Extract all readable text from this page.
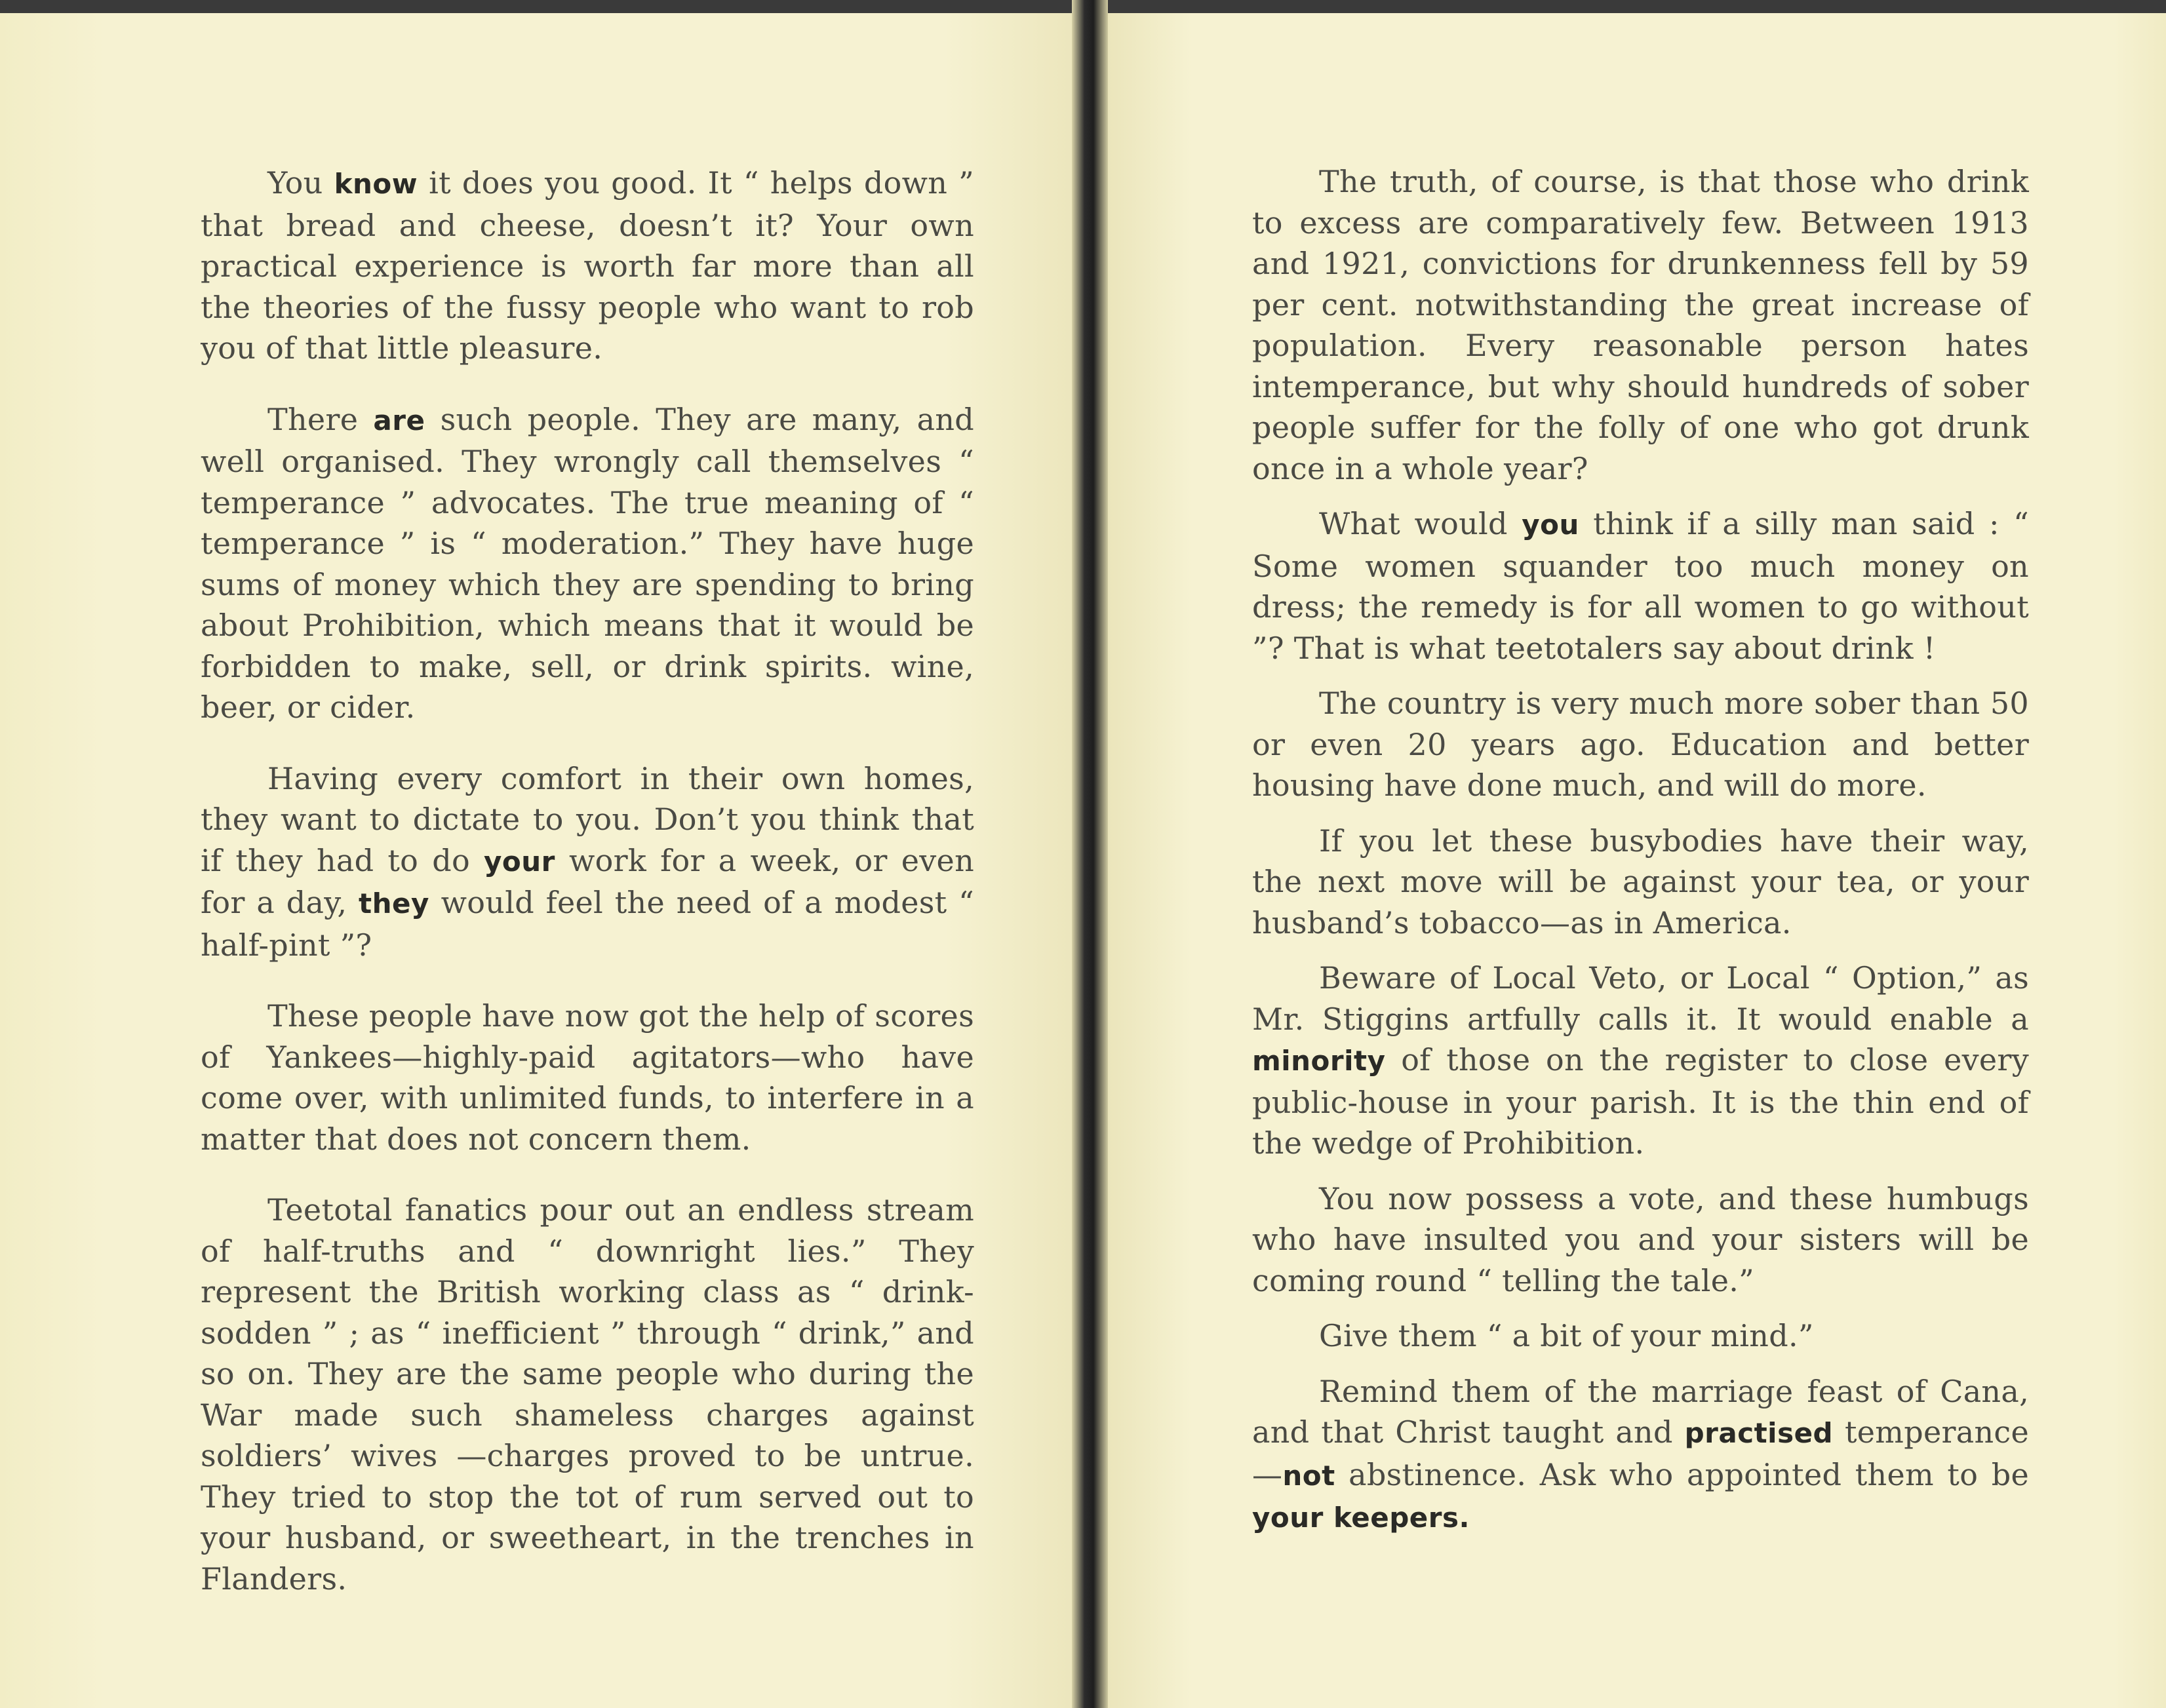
You know it does you good. It “ helps down ” that bread and cheese, doesn’t it? Your own practical experience is worth far more than all the theories of the fussy people who want to rob you of that little pleasure.

There are such people. They are many, and well organised. They wrongly call themselves “ temperance ” advocates. The true meaning of “ temperance ” is “ moderation.” They have huge sums of money which they are spending to bring about Prohibition, which means that it would be forbidden to make, sell, or drink spirits. wine, beer, or cider.

Having every comfort in their own homes, they want to dictate to you. Don’t you think that if they had to do your work for a week, or even for a day, they would feel the need of a modest “ half-pint ”?

These people have now got the help of scores of Yankees—highly-paid agitators—who have come over, with unlimited funds, to interfere in a matter that does not concern them.

Teetotal fanatics pour out an endless stream of half-truths and “ downright lies.” They represent the British working class as “ drink-sodden ” ; as “ inefficient ” through “ drink,” and so on. They are the same people who during the War made such shameless charges against soldiers’ wives —charges proved to be untrue. They tried to stop the tot of rum served out to your husband, or sweetheart, in the trenches in Flanders.

The truth, of course, is that those who drink to excess are comparatively few. Between 1913 and 1921, convictions for drunkenness fell by 59 per cent. notwithstanding the great increase of population. Every reasonable person hates intemperance, but why should hundreds of sober people suffer for the folly of one who got drunk once in a whole year?

What would you think if a silly man said : “ Some women squander too much money on dress; the remedy is for all women to go without ”? That is what teetotalers say about drink !

The country is very much more sober than 50 or even 20 years ago. Education and better housing have done much, and will do more.

If you let these busybodies have their way, the next move will be against your tea, or your husband’s tobacco—as in America.

Beware of Local Veto, or Local “ Option,” as Mr. Stiggins artfully calls it. It would enable a minority of those on the register to close every public-house in your parish. It is the thin end of the wedge of Prohibition.

You now possess a vote, and these humbugs who have insulted you and your sisters will be coming round “ telling the tale.”

Give them “ a bit of your mind.”

Remind them of the marriage feast of Cana, and that Christ taught and practised temperance—not abstinence. Ask who appointed them to be your keepers.
